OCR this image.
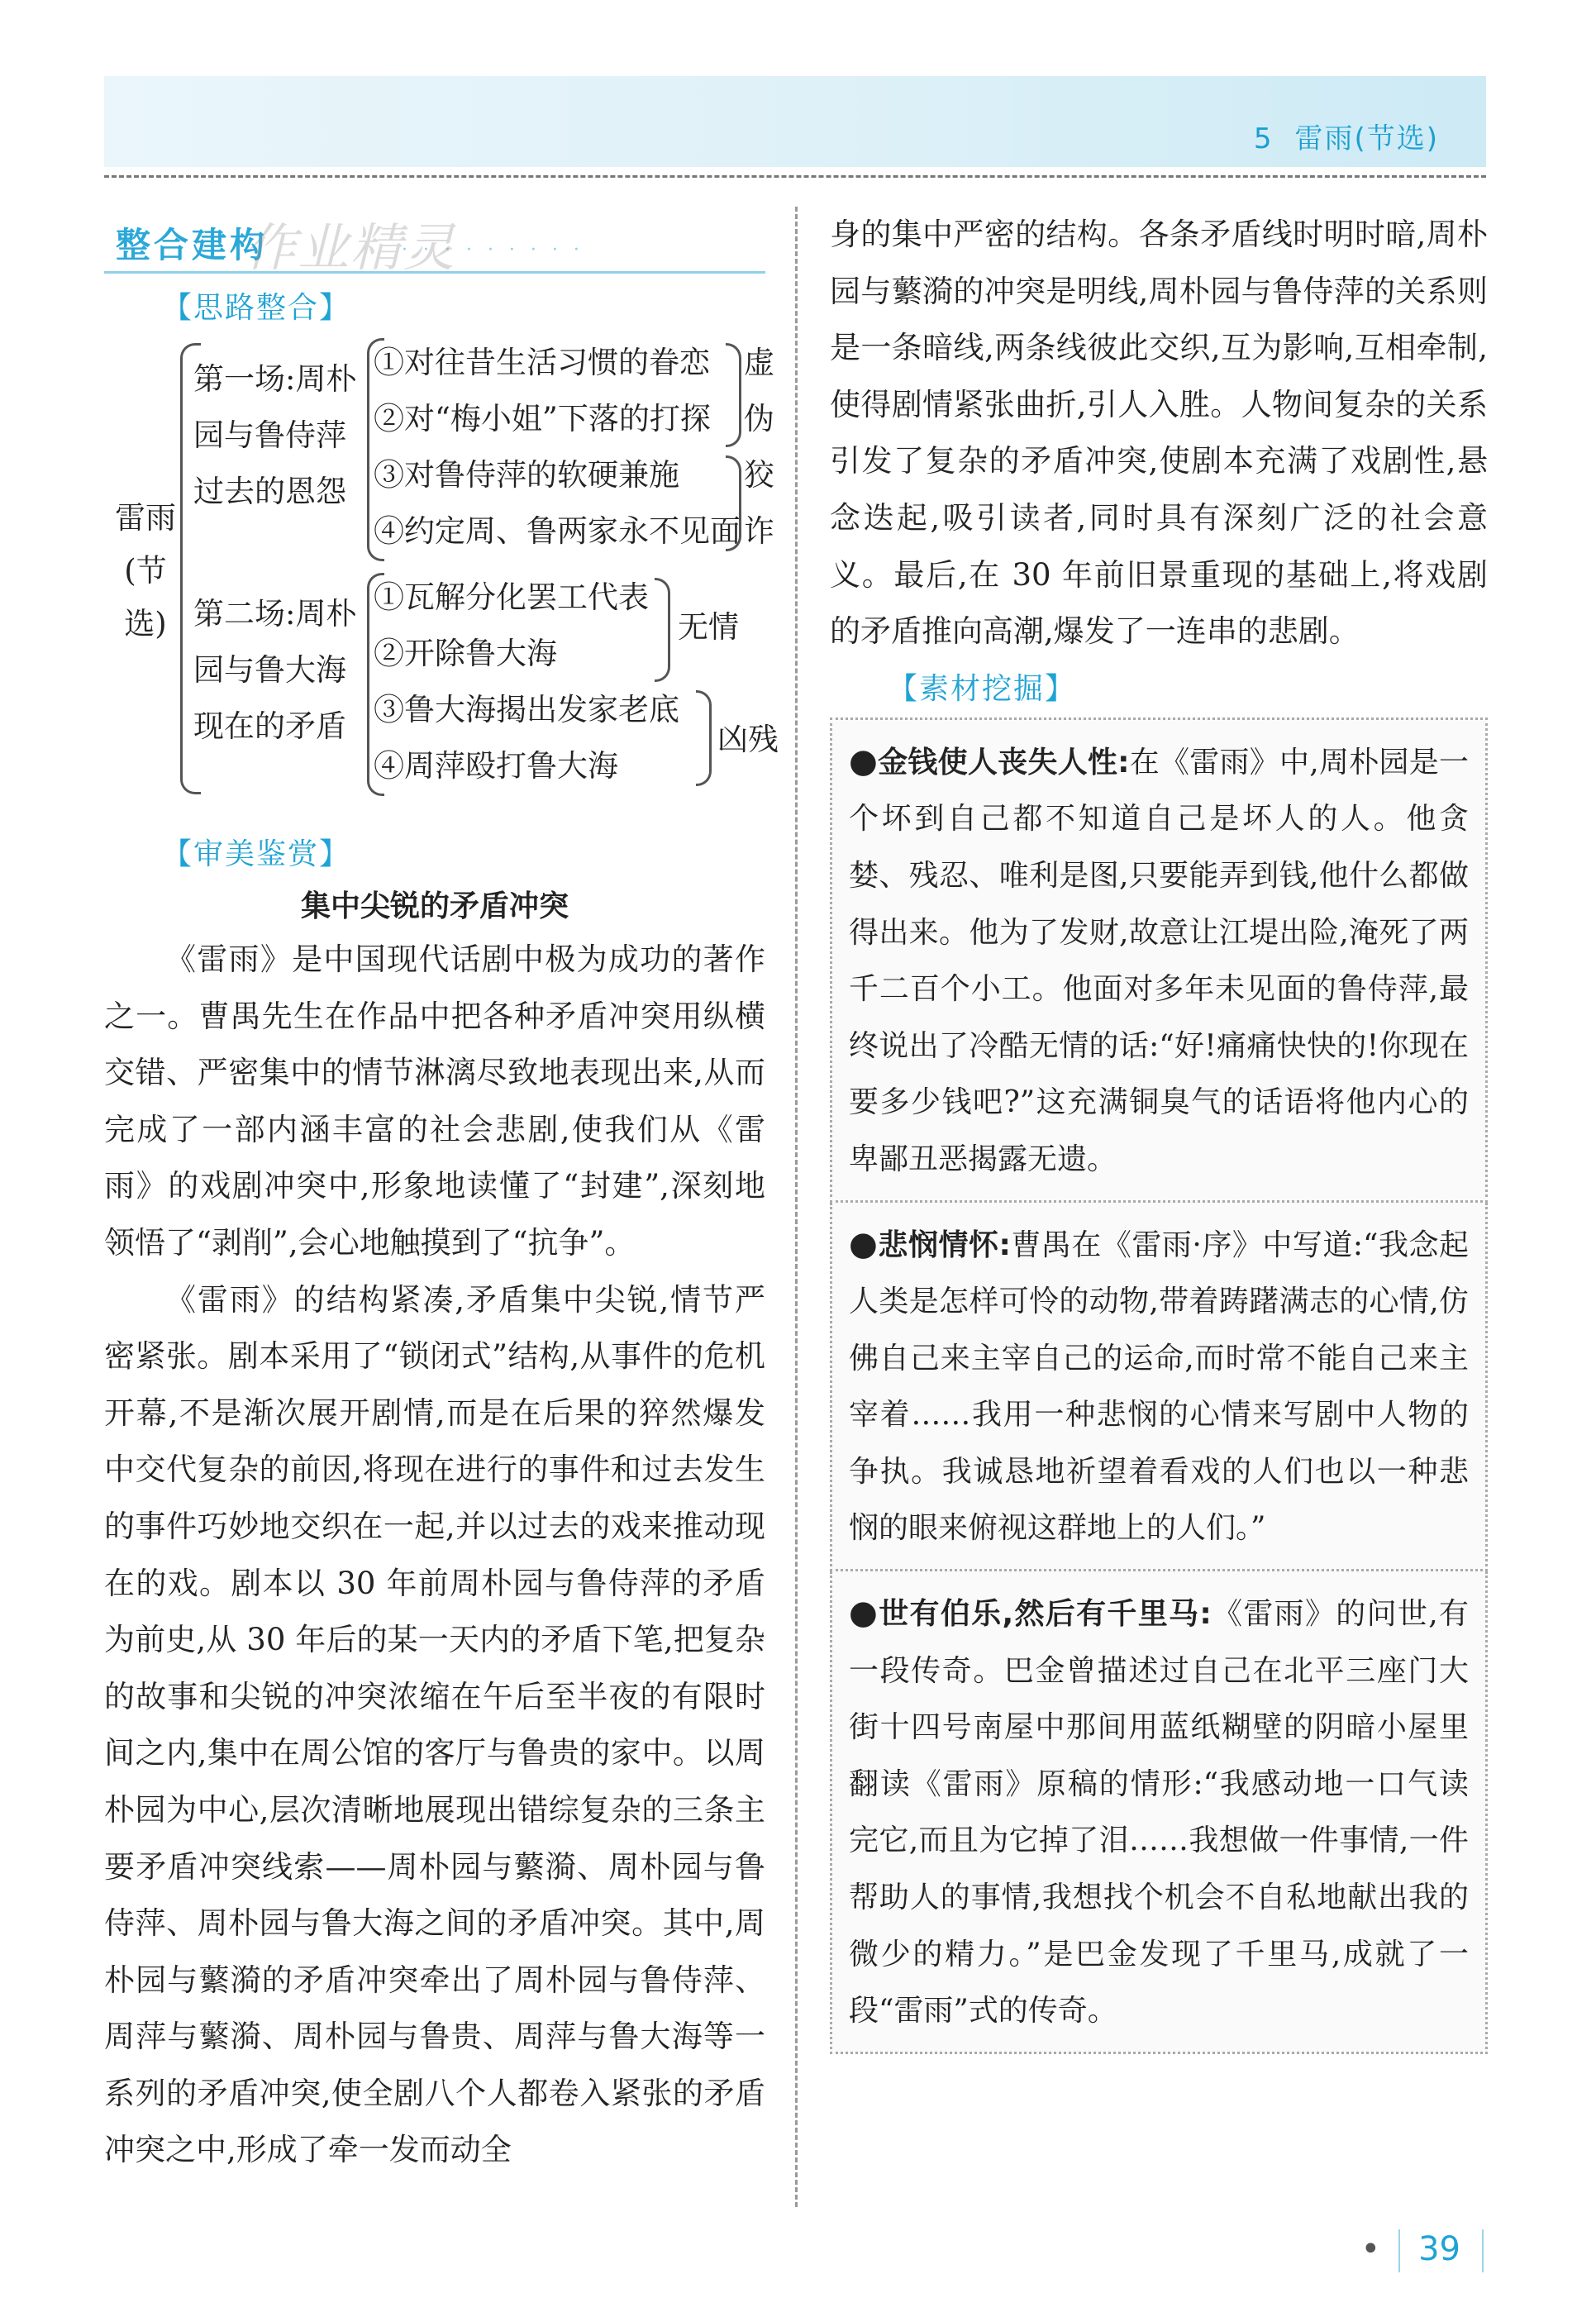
5 雷雨(节选)
整合建构	· · · · · · · · ·
作业精灵
【思路整合】
雷雨
(节选)
第一场:周朴园与鲁侍萍过去的恩怨
①对往昔生活习惯的眷恋
②对“梅小姐”下落的打探
③对鲁侍萍的软硬兼施
④约定周、鲁两家永不见面
虚伪
狡诈
第二场:周朴园与鲁大海现在的矛盾
①瓦解分化罢工代表
②开除鲁大海
③鲁大海揭出发家老底
④周萍殴打鲁大海
无情
凶残
【审美鉴赏】
集中尖锐的矛盾冲突

《雷雨》是中国现代话剧中极为成功的著作之一。曹禺先生在作品中把各种矛盾冲突用纵横交错、严密集中的情节淋漓尽致地表现出来,从而完成了一部内涵丰富的社会悲剧,使我们从《雷雨》的戏剧冲突中,形象地读懂了“封建”,深刻地领悟了“剥削”,会心地触摸到了“抗争”。

《雷雨》的结构紧凑,矛盾集中尖锐,情节严密紧张。剧本采用了“锁闭式”结构,从事件的危机开幕,不是渐次展开剧情,而是在后果的猝然爆发中交代复杂的前因,将现在进行的事件和过去发生的事件巧妙地交织在一起,并以过去的戏来推动现在的戏。剧本以 30 年前周朴园与鲁侍萍的矛盾为前史,从 30 年后的某一天内的矛盾下笔,把复杂的故事和尖锐的冲突浓缩在午后至半夜的有限时间之内,集中在周公馆的客厅与鲁贵的家中。以周朴园为中心,层次清晰地展现出错综复杂的三条主要矛盾冲突线索——周朴园与蘩漪、周朴园与鲁侍萍、周朴园与鲁大海之间的矛盾冲突。其中,周朴园与蘩漪的矛盾冲突牵出了周朴园与鲁侍萍、周萍与蘩漪、周朴园与鲁贵、周萍与鲁大海等一系列的矛盾冲突,使全剧八个人都卷入紧张的矛盾冲突之中,形成了牵一发而动全

身的集中严密的结构。各条矛盾线时明时暗,周朴园与蘩漪的冲突是明线,周朴园与鲁侍萍的关系则是一条暗线,两条线彼此交织,互为影响,互相牵制,使得剧情紧张曲折,引人入胜。人物间复杂的关系引发了复杂的矛盾冲突,使剧本充满了戏剧性,悬念迭起,吸引读者,同时具有深刻广泛的社会意义。最后,在 30 年前旧景重现的基础上,将戏剧的矛盾推向高潮,爆发了一连串的悲剧。

【素材挖掘】
●金钱使人丧失人性:在《雷雨》中,周朴园是一个坏到自己都不知道自己是坏人的人。他贪婪、残忍、唯利是图,只要能弄到钱,他什么都做得出来。他为了发财,故意让江堤出险,淹死了两千二百个小工。他面对多年未见面的鲁侍萍,最终说出了冷酷无情的话:“好!痛痛快快的!你现在要多少钱吧?”这充满铜臭气的话语将他内心的卑鄙丑恶揭露无遗。
●悲悯情怀:曹禺在《雷雨·序》中写道:“我念起人类是怎样可怜的动物,带着踌躇满志的心情,仿佛自己来主宰自己的运命,而时常不能自己来主宰着……我用一种悲悯的心情来写剧中人物的争执。我诚恳地祈望着看戏的人们也以一种悲悯的眼来俯视这群地上的人们。”
●世有伯乐,然后有千里马:《雷雨》的问世,有一段传奇。巴金曾描述过自己在北平三座门大街十四号南屋中那间用蓝纸糊壁的阴暗小屋里翻读《雷雨》原稿的情形:“我感动地一口气读完它,而且为它掉了泪……我想做一件事情,一件帮助人的事情,我想找个机会不自私地献出我的微少的精力。”是巴金发现了千里马,成就了一段“雷雨”式的传奇。
• 39
